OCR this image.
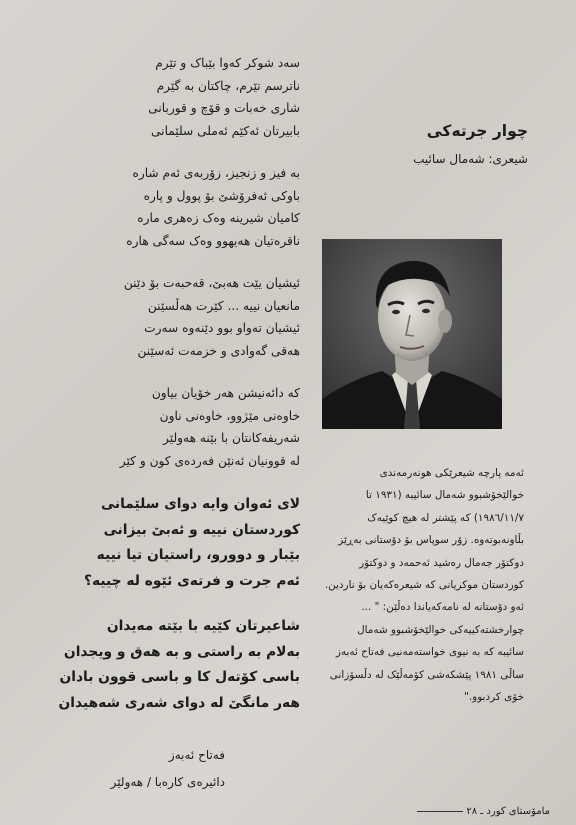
سەد شوکر کەوا بێباک و تێرم
ناترسم تێرم، چاکتان بە گێرم
شاری خەبات و قۆچ و قوربانی
بابیرتان ئەکێم ئەملی سلێمانی
بە فیز و زنجیز، زۆربەی ئەم شارە
باوکی ئەفرۆشێ بۆ پوول و پارە
کامیان شیرینە وەک زەهری مارە
ناقرەتیان هەیھوو وەک سەگی هارە
ئیشیان یێت هەبێ، قەحبەت بۆ دێنن
مانعیان نییە ... کێرت هەڵسێنن
ئیشیان تەواو بوو دێنەوە سەرت
هەقی گەوادی و خزمەت ئەسێنن
کە دائەنیشن هەر خۆیان بیاون
خاوەنی مێژوو، خاوەنی ناون
شەریفەکانتان با بێنە هەولێر
لە قوونیان ئەنێن فەردەی کون و کێر
لای ئەوان وایە دوای سلێمانی
کوردستان نییە و ئەبێ بیزانی
بێبار و دوورو، راستیان تیا نییە
ئەم جرت و فرتەی ئێوە لە چییە؟
شاعیرتان کێیە با بێتە مەیدان
بەلام بە راستی و بە هەق و ویجدان
باسی کۆتەل کا و باسی قوون بادان
هەر مانگێ لە دوای شەری شەهیدان
فەتاح ئەبەز
دائیرەی کارەبا / هەولێر
چوار جرتەکی
شیعری: شەمال سائیب
ئەمە پارچە شیعرێکی هونەرمەندی
خوالێخۆشبوو شەمال سائیبە (١٩٣١ تا
١٩٨٦/١١/٧) کە پێشتر لە هیچ کوێیەک
بڵاونەبوتەوە. زۆر سوپاس بۆ دۆستانی بەڕێز
دوکتۆر جەمال رەشید ئەحمەد و دوکتۆر
کوردستان موکریانی کە شیعرەکەیان بۆ ناردین.
ئەو دۆستانە لە نامەکەیاندا دەڵێن: " ...
چوارخشتەکییەکی خوالێخۆشبوو شەمال
سائیبە کە بە نیوی خواستەمەنیی فەتاح ئەبەز
ساڵی ١٩٨١ پێشکەشی کۆمەڵێک لە دڵسۆزانی
خۆی کردبوو."
مامۆستای کورد ـ ٢٨
